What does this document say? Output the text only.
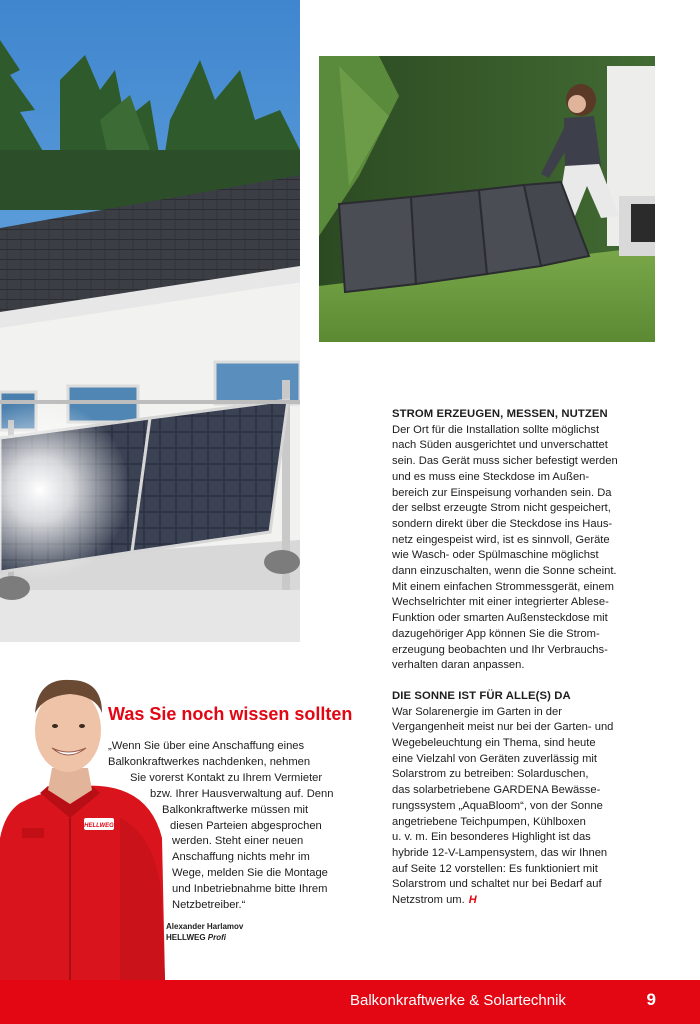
STROM ERZEUGEN, MESSEN, NUTZEN

Der Ort für die Installation sollte möglichst
nach Süden ausgerichtet und unverschattet
sein. Das Gerät muss sicher befestigt werden
und es muss eine Steckdose im Außen-
bereich zur Einspeisung vorhanden sein. Da
der selbst erzeugte Strom nicht gespeichert,
sondern direkt über die Steckdose ins Haus-
netz eingespeist wird, ist es sinnvoll, Geräte
wie Wasch- oder Spülmaschine möglichst
dann einzuschalten, wenn die Sonne scheint.
Mit einem einfachen Strommessgerät, einem
Wechselrichter mit einer integrierter Ablese-
Funktion oder smarten Außensteckdose mit
dazugehöriger App können Sie die Strom-
erzeugung beobachten und Ihr Verbrauchs-
verhalten daran anpassen.

DIE SONNE IST FÜR ALLE(S) DA

War Solarenergie im Garten in der
Vergangenheit meist nur bei der Garten- und
Wegebeleuchtung ein Thema, sind heute
eine Vielzahl von Geräten zuverlässig mit
Solarstrom zu betreiben: Solarduschen,
das solarbetriebene GARDENA Bewässe-
rungssystem „AquaBloom“, von der Sonne
angetriebene Teichpumpen, Kühlboxen
u. v. m. Ein besonderes Highlight ist das
hybride 12-V-Lampensystem, das wir Ihnen
auf Seite 12 vorstellen: Es funktioniert mit
Solarstrom und schaltet nur bei Bedarf auf
Netzstrom um. H

HELLWEG
Was Sie noch wissen sollten
„Wenn Sie über eine Anschaffung eines
Balkonkraftwerkes nachdenken, nehmen
Sie vorerst Kontakt zu Ihrem Vermieter
bzw. Ihrer Hausverwaltung auf. Denn
Balkonkraftwerke müssen mit
diesen Parteien abgesprochen
werden. Steht einer neuen
Anschaffung nichts mehr im
Wege, melden Sie die Montage
und Inbetriebnahme bitte Ihrem
Netzbetreiber.“
Alexander Harlamov
HELLWEG Profi
Balkonkraftwerke & Solartechnik	9
